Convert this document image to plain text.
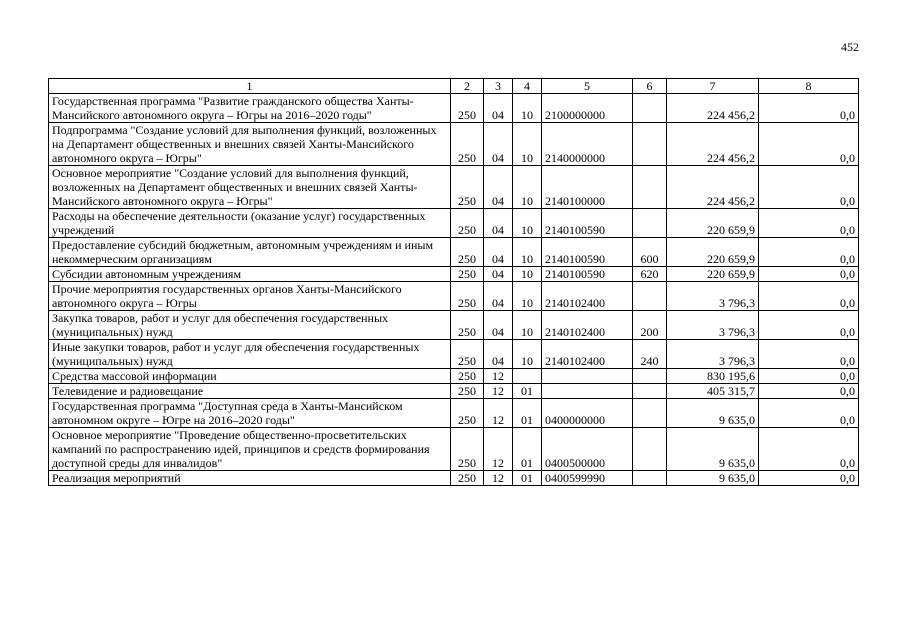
452
1	2	3	4	5	6	7	8
Государственная программа "Развитие гражданского общества Ханты-Мансийского автономного округа – Югры на 2016–2020 годы"	250	04	10	2100000000		224 456,2	0,0
Подпрограмма "Создание условий для выполнения функций, возложенных на Департамент общественных и внешних связей Ханты-Мансийского автономного округа – Югры"	250	04	10	2140000000		224 456,2	0,0
Основное мероприятие "Создание условий для выполнения функций, возложенных на Департамент общественных и внешних связей Ханты-Мансийского автономного округа – Югры"	250	04	10	2140100000		224 456,2	0,0
Расходы на обеспечение деятельности (оказание услуг) государственных учреждений	250	04	10	2140100590		220 659,9	0,0
Предоставление субсидий бюджетным, автономным учреждениям и иным некоммерческим организациям	250	04	10	2140100590	600	220 659,9	0,0
Субсидии автономным учреждениям	250	04	10	2140100590	620	220 659,9	0,0
Прочие мероприятия государственных органов Ханты-Мансийского автономного округа – Югры	250	04	10	2140102400		3 796,3	0,0
Закупка товаров, работ и услуг для обеспечения государственных (муниципальных) нужд	250	04	10	2140102400	200	3 796,3	0,0
Иные закупки товаров, работ и услуг для обеспечения государственных (муниципальных) нужд	250	04	10	2140102400	240	3 796,3	0,0
Средства массовой информации	250	12				830 195,6	0,0
Телевидение и радиовещание	250	12	01			405 315,7	0,0
Государственная программа "Доступная среда в Ханты-Мансийском автономном округе – Югре на 2016–2020 годы"	250	12	01	0400000000		9 635,0	0,0
Основное мероприятие "Проведение общественно-просветительских кампаний по распространению идей, принципов и средств формирования доступной среды для инвалидов"	250	12	01	0400500000		9 635,0	0,0
Реализация мероприятий	250	12	01	0400599990		9 635,0	0,0
